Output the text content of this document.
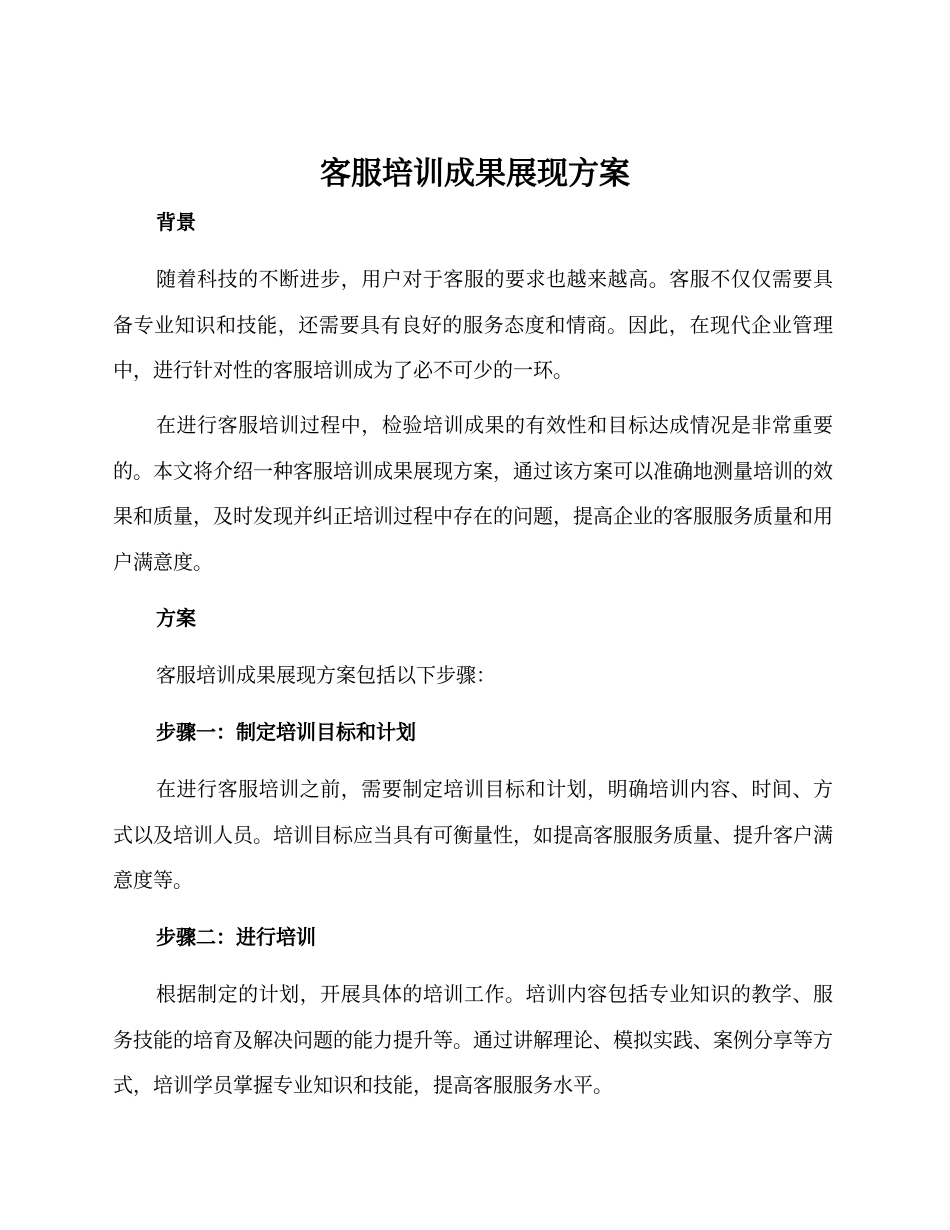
客服培训成果展现方案
背景
随着科技的不断进步，用户对于客服的要求也越来越高。客服不仅仅需要具备专业知识和技能，还需要具有良好的服务态度和情商。因此，在现代企业管理中，进行针对性的客服培训成为了必不可少的一环。
在进行客服培训过程中，检验培训成果的有效性和目标达成情况是非常重要的。本文将介绍一种客服培训成果展现方案，通过该方案可以准确地测量培训的效果和质量，及时发现并纠正培训过程中存在的问题，提高企业的客服服务质量和用户满意度。
方案
客服培训成果展现方案包括以下步骤：
步骤一：制定培训目标和计划
在进行客服培训之前，需要制定培训目标和计划，明确培训内容、时间、方式以及培训人员。培训目标应当具有可衡量性，如提高客服服务质量、提升客户满意度等。
步骤二：进行培训
根据制定的计划，开展具体的培训工作。培训内容包括专业知识的教学、服务技能的培育及解决问题的能力提升等。通过讲解理论、模拟实践、案例分享等方式，培训学员掌握专业知识和技能，提高客服服务水平。
